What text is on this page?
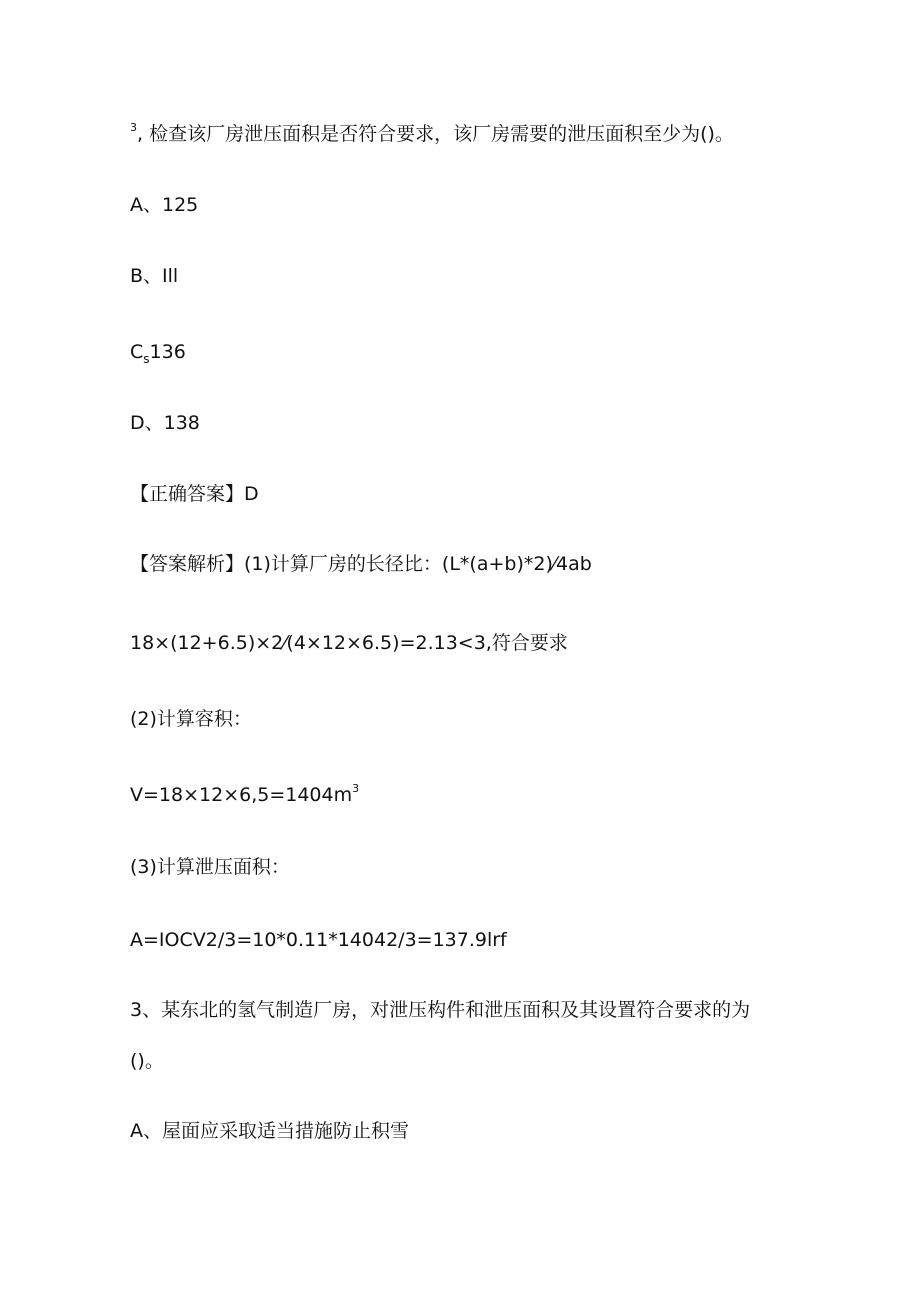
$^3$, 检查该厂房泄压面积是否符合要求，该厂房需要的泄压面积至少为()。
A、125
B、Ill
$C_s136$
D、138
【正确答案】D
【答案解析】(1)计算厂房的长径比：(L*(a+b)*2)⁄4ab
18×(12+6.5)×2⁄(4×12×6.5)=2.13<3,符合要求
(2)计算容积：
$V=18\times 12\times 6,5=1404m^3$
(3)计算泄压面积：
A=IOCV2/3=10*0.11*14042/3=137.9lrf
3、某东北的氢气制造厂房，对泄压构件和泄压面积及其设置符合要求的为
()。
A、屋面应采取适当措施防止积雪
